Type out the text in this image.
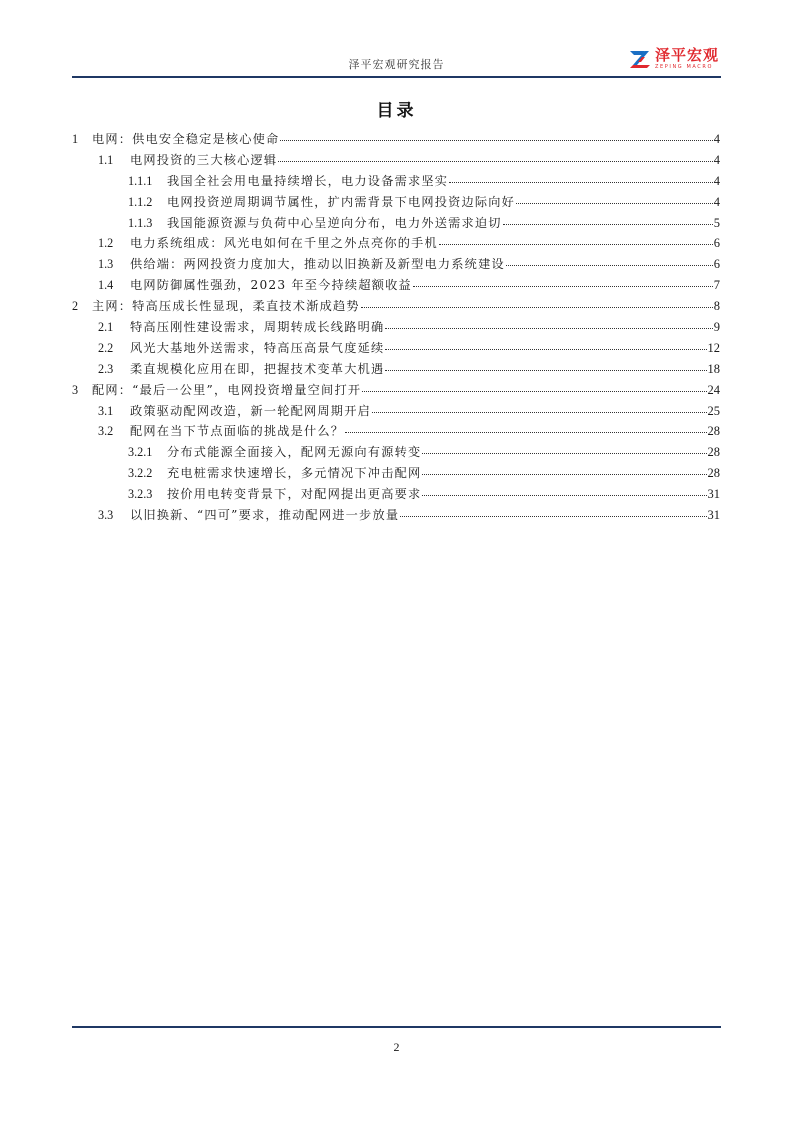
泽平宏观研究报告
泽平宏观
ZEPING MACRO
目录
1	电网：供电安全稳定是核心使命	4
1.1	电网投资的三大核心逻辑	4
1.1.1	我国全社会用电量持续增长，电力设备需求坚实	4
1.1.2	电网投资逆周期调节属性，扩内需背景下电网投资边际向好	4
1.1.3	我国能源资源与负荷中心呈逆向分布，电力外送需求迫切	5
1.2	电力系统组成：风光电如何在千里之外点亮你的手机	6
1.3	供给端：两网投资力度加大，推动以旧换新及新型电力系统建设	6
1.4	电网防御属性强劲，2023 年至今持续超额收益	7
2	主网：特高压成长性显现，柔直技术渐成趋势	8
2.1	特高压刚性建设需求，周期转成长线路明确	9
2.2	风光大基地外送需求，特高压高景气度延续	12
2.3	柔直规模化应用在即，把握技术变革大机遇	18
3	配网：“最后一公里”，电网投资增量空间打开	24
3.1	政策驱动配网改造，新一轮配网周期开启	25
3.2	配网在当下节点面临的挑战是什么？	28
3.2.1	分布式能源全面接入，配网无源向有源转变	28
3.2.2	充电桩需求快速增长，多元情况下冲击配网	28
3.2.3	按价用电转变背景下，对配网提出更高要求	31
3.3	以旧换新、“四可”要求，推动配网进一步放量	31
2
